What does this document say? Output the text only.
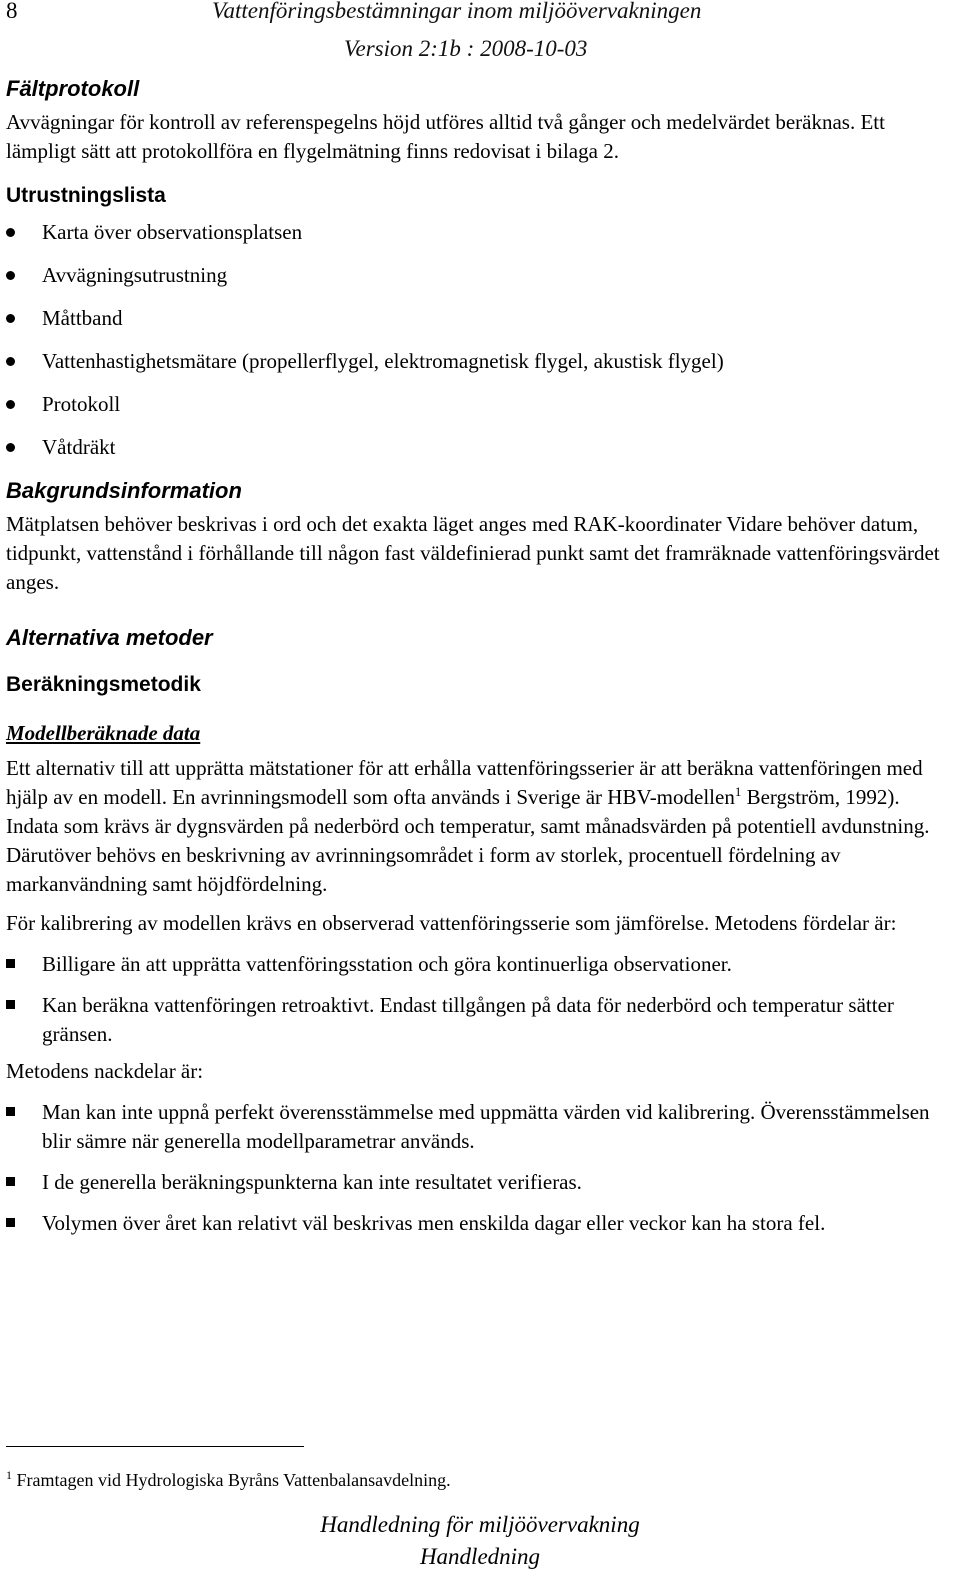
8	Vattenföringsbestämningar inom miljöövervakningen
Version 2:1b : 2008-10-03
Fältprotokoll

Avvägningar för kontroll av referenspegelns höjd utföres alltid två gånger och medelvärdet beräknas. Ett lämpligt sätt att protokollföra en flygelmätning finns redovisat i bilaga 2.

Utrustningslista
Karta över observationsplatsen
Avvägningsutrustning
Måttband
Vattenhastighetsmätare (propellerflygel, elektromagnetisk flygel, akustisk flygel)
Protokoll
Våtdräkt
Bakgrundsinformation

Mätplatsen behöver beskrivas i ord och det exakta läget anges med RAK-koordinater Vidare behöver datum, tidpunkt, vattenstånd i förhållande till någon fast väldefinierad punkt samt det framräknade vattenföringsvärdet anges.

Alternativa metoder
Beräkningsmetodik
Modellberäknade data

Ett alternativ till att upprätta mätstationer för att erhålla vattenföringsserier är att beräkna vattenföringen med hjälp av en modell. En avrinningsmodell som ofta används i Sverige är HBV-modellen$^1$ Bergström, 1992). Indata som krävs är dygnsvärden på nederbörd och temperatur, samt månadsvärden på potentiell avdunstning. Därutöver behövs en beskrivning av avrinningsområdet i form av storlek, procentuell fördelning av markanvändning samt höjdfördelning.

För kalibrering av modellen krävs en observerad vattenföringsserie som jämförelse. Metodens fördelar är:

Billigare än att upprätta vattenföringsstation och göra kontinuerliga observationer.
Kan beräkna vattenföringen retroaktivt. Endast tillgången på data för nederbörd och temperatur sätter gränsen.

Metodens nackdelar är:

Man kan inte uppnå perfekt överensstämmelse med uppmätta värden vid kalibrering. Överensstämmelsen blir sämre när generella modellparametrar används.
I de generella beräkningspunkterna kan inte resultatet verifieras.
Volymen över året kan relativt väl beskrivas men enskilda dagar eller veckor kan ha stora fel.
$^1$ Framtagen vid Hydrologiska Byråns Vattenbalansavdelning.
Handledning för miljöövervakning
Handledning
